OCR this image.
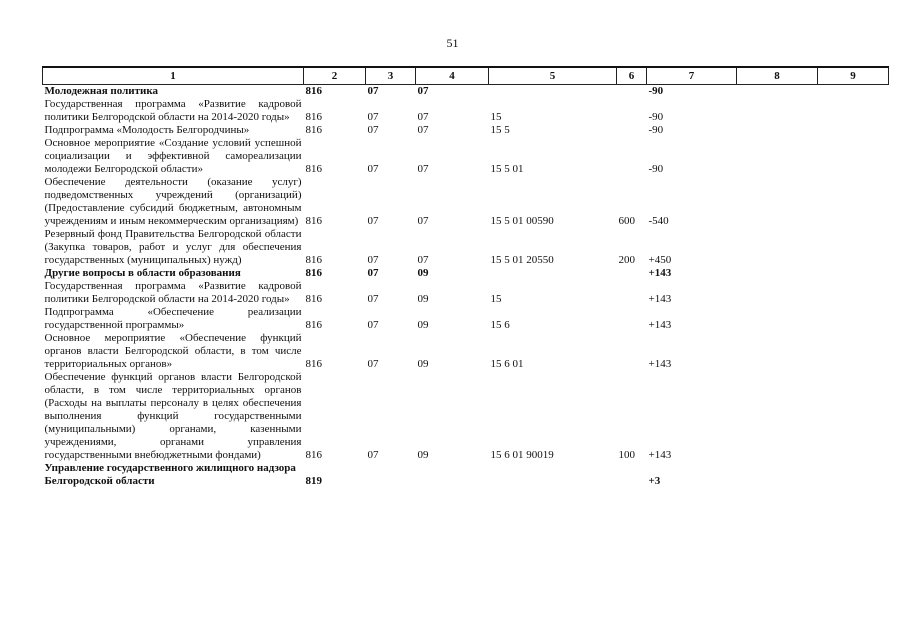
51
1	2	3	4	5	6	7	8	9
Молодежная политика	816	07	07			-90		
Государственная программа «Развитие кадровой политики Белгородской области на 2014-2020 годы»	816	07	07	15		-90		
Подпрограмма «Молодость Белгородчины»	816	07	07	15 5		-90		
Основное мероприятие «Создание условий успешной социализации и эффективной самореализации молодежи Белгородской области»	816	07	07	15 5 01		-90		
Обеспечение деятельности (оказание услуг) подведомственных учреждений (организаций) (Предоставление субсидий бюджетным, автономным учреждениям и иным некоммерческим организациям)	816	07	07	15 5 01 00590	600	-540		
Резервный фонд Правительства Белгородской области (Закупка товаров, работ и услуг для обеспечения государственных (муниципальных) нужд)	816	07	07	15 5 01 20550	200	+450		
Другие вопросы в области образования	816	07	09			+143		
Государственная программа «Развитие кадровой политики Белгородской области на 2014-2020 годы»	816	07	09	15		+143		
Подпрограмма «Обеспечение реализации государственной программы»	816	07	09	15 6		+143		
Основное мероприятие «Обеспечение функций органов власти Белгородской области, в том числе территориальных органов»	816	07	09	15 6 01		+143		
Обеспечение функций органов власти Белгородской области, в том числе территориальных органов (Расходы на выплаты персоналу в целях обеспечения выполнения функций государственными (муниципальными) органами, казенными учреждениями, органами управления государственными внебюджетными фондами)	816	07	09	15 6 01 90019	100	+143		
Управление государственного жилищного надзора Белгородской области	819					+3		
